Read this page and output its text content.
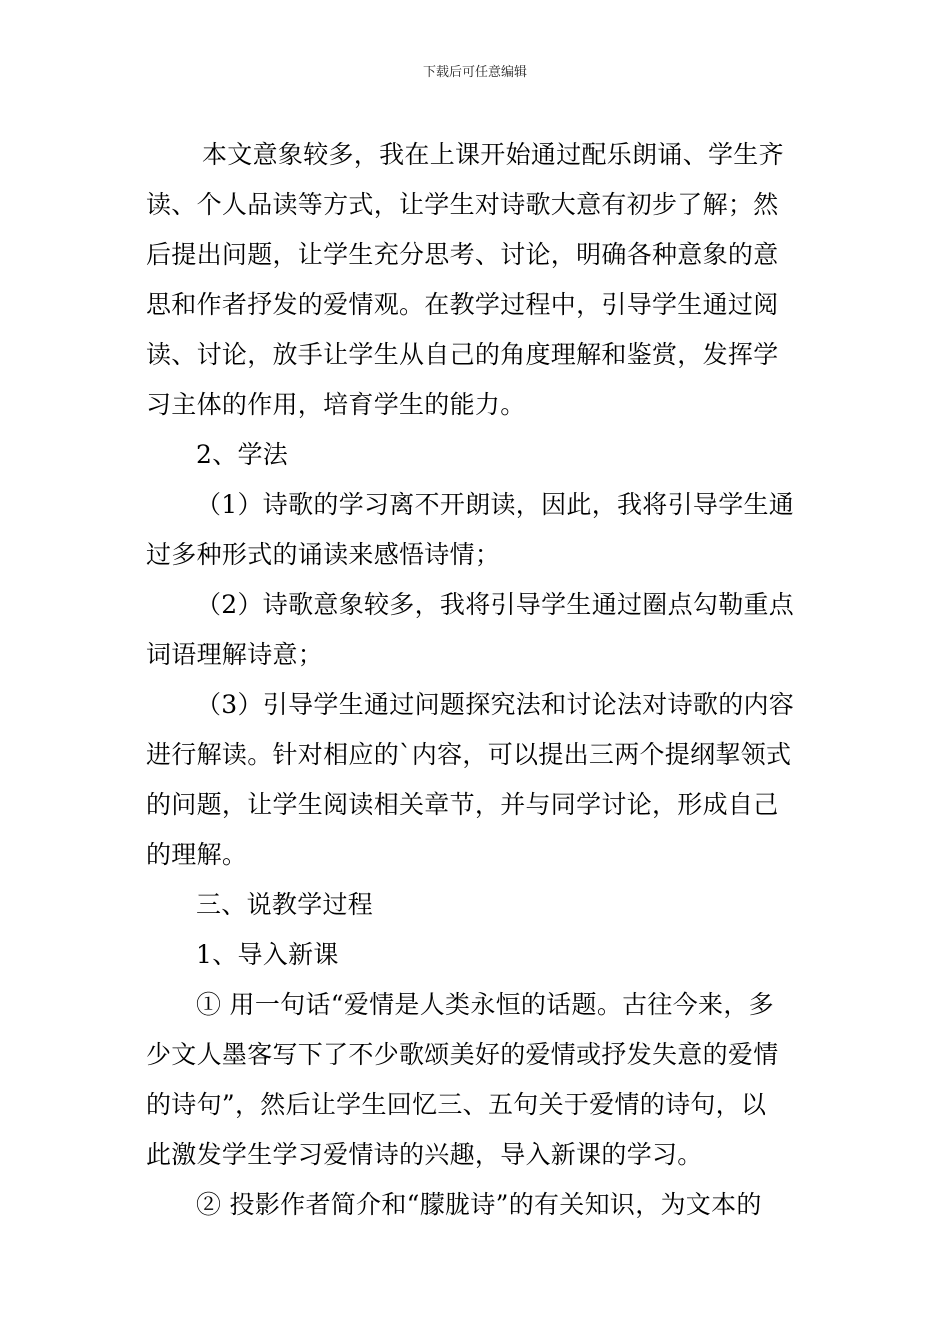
下载后可任意编辑
本文意象较多，我在上课开始通过配乐朗诵、学生齐
读、个人品读等方式，让学生对诗歌大意有初步了解；然
后提出问题，让学生充分思考、讨论，明确各种意象的意
思和作者抒发的爱情观。在教学过程中，引导学生通过阅
读、讨论，放手让学生从自己的角度理解和鉴赏，发挥学
习主体的作用，培育学生的能力。
2、学法
（1）诗歌的学习离不开朗读，因此，我将引导学生通
过多种形式的诵读来感悟诗情；
（2）诗歌意象较多，我将引导学生通过圈点勾勒重点
词语理解诗意；
（3）引导学生通过问题探究法和讨论法对诗歌的内容
进行解读。针对相应的`内容，可以提出三两个提纲挈领式
的问题，让学生阅读相关章节，并与同学讨论，形成自己
的理解。
三、说教学过程
1、导入新课
① 用一句话“爱情是人类永恒的话题。古往今来，多
少文人墨客写下了不少歌颂美好的爱情或抒发失意的爱情
的诗句”，然后让学生回忆三、五句关于爱情的诗句，以
此激发学生学习爱情诗的兴趣，导入新课的学习。
② 投影作者简介和“朦胧诗”的有关知识，为文本的
